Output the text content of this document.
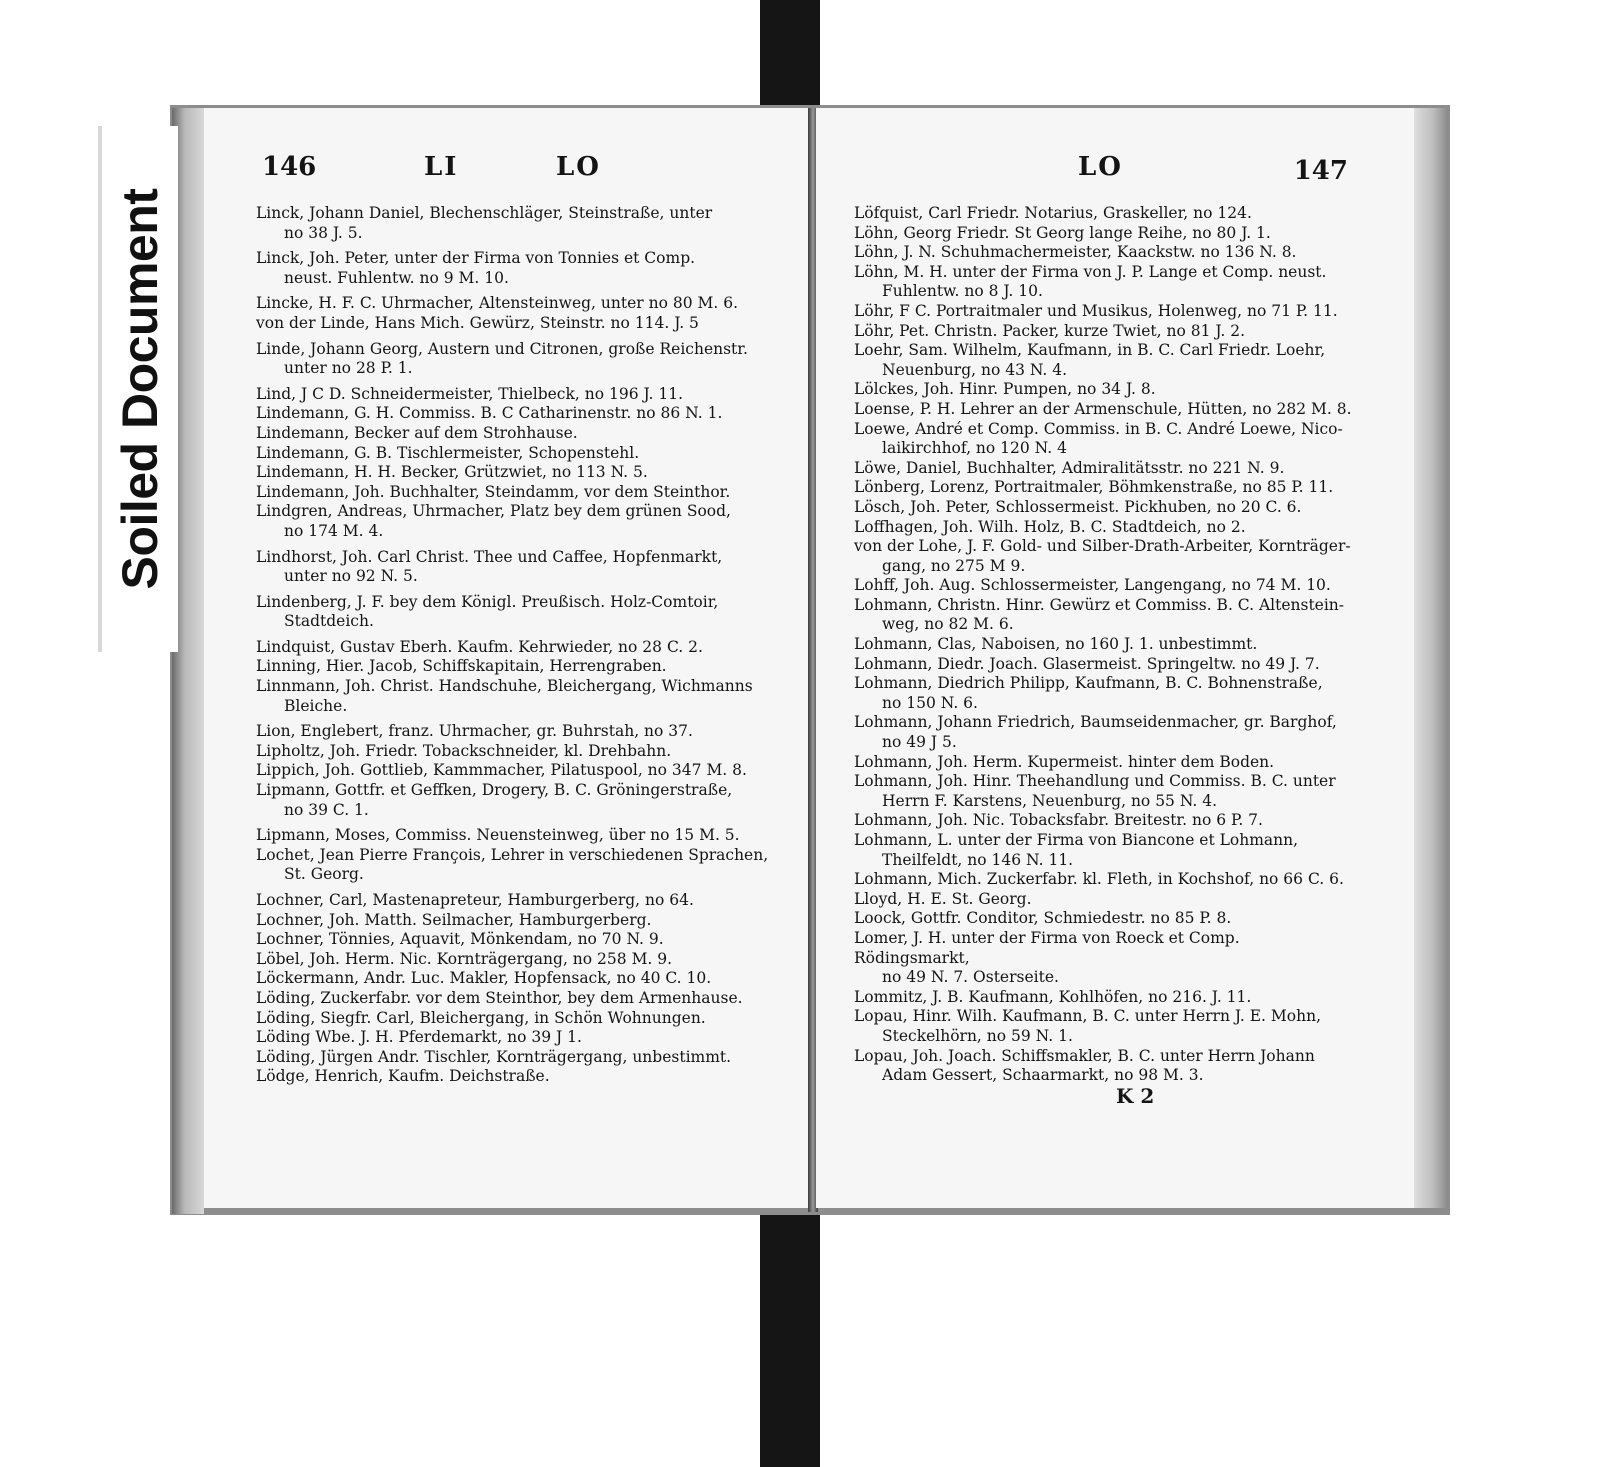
146	LI	LO

Linck, Johann Daniel, Blechenschläger, Steinstraße, unter
no 38 J. 5.

Linck, Joh. Peter, unter der Firma von Tonnies et Comp.
neust. Fuhlentw. no 9 M. 10.

Lincke, H. F. C. Uhrmacher, Altensteinweg, unter no 80 M. 6.

von der Linde, Hans Mich. Gewürz, Steinstr. no 114. J. 5

Linde, Johann Georg, Austern und Citronen, große Reichenstr.
unter no 28 P. 1.

Lind, J C D. Schneidermeister, Thielbeck, no 196 J. 11.

Lindemann, G. H. Commiss. B. C Catharinenstr. no 86 N. 1.

Lindemann, Becker auf dem Strohhause.

Lindemann, G. B. Tischlermeister, Schopenstehl.

Lindemann, H. H. Becker, Grützwiet, no 113 N. 5.

Lindemann, Joh. Buchhalter, Steindamm, vor dem Steinthor.

Lindgren, Andreas, Uhrmacher, Platz bey dem grünen Sood,
no 174 M. 4.

Lindhorst, Joh. Carl Christ. Thee und Caffee, Hopfenmarkt,
unter no 92 N. 5.

Lindenberg, J. F. bey dem Königl. Preußisch. Holz-Comtoir,
Stadtdeich.

Lindquist, Gustav Eberh. Kaufm. Kehrwieder, no 28 C. 2.

Linning, Hier. Jacob, Schiffskapitain, Herrengraben.

Linnmann, Joh. Christ. Handschuhe, Bleichergang, Wichmanns
Bleiche.

Lion, Englebert, franz. Uhrmacher, gr. Buhrstah, no 37.

Lipholtz, Joh. Friedr. Tobackschneider, kl. Drehbahn.

Lippich, Joh. Gottlieb, Kammmacher, Pilatuspool, no 347 M. 8.

Lipmann, Gottfr. et Geffken, Drogery, B. C. Gröningerstraße,
no 39 C. 1.

Lipmann, Moses, Commiss. Neuensteinweg, über no 15 M. 5.

Lochet, Jean Pierre François, Lehrer in verschiedenen Sprachen,
St. Georg.

Lochner, Carl, Mastenapreteur, Hamburgerberg, no 64.

Lochner, Joh. Matth. Seilmacher, Hamburgerberg.

Lochner, Tönnies, Aquavit, Mönkendam, no 70 N. 9.

Löbel, Joh. Herm. Nic. Kornträgergang, no 258 M. 9.

Löckermann, Andr. Luc. Makler, Hopfensack, no 40 C. 10.

Löding, Zuckerfabr. vor dem Steinthor, bey dem Armenhause.

Löding, Siegfr. Carl, Bleichergang, in Schön Wohnungen.

Löding Wbe. J. H. Pferdemarkt, no 39 J 1.

Löding, Jürgen Andr. Tischler, Kornträgergang, unbestimmt.

Lödge, Henrich, Kaufm. Deichstraße.

LO	147

Löfquist, Carl Friedr. Notarius, Graskeller, no 124.

Löhn, Georg Friedr. St Georg lange Reihe, no 80 J. 1.

Löhn, J. N. Schuhmachermeister, Kaackstw. no 136 N. 8.

Löhn, M. H. unter der Firma von J. P. Lange et Comp. neust.
Fuhlentw. no 8 J. 10.

Löhr, F C. Portraitmaler und Musikus, Holenweg, no 71 P. 11.

Löhr, Pet. Christn. Packer, kurze Twiet, no 81 J. 2.

Loehr, Sam. Wilhelm, Kaufmann, in B. C. Carl Friedr. Loehr,
Neuenburg, no 43 N. 4.

Lölckes, Joh. Hinr. Pumpen, no 34 J. 8.

Loense, P. H. Lehrer an der Armenschule, Hütten, no 282 M. 8.

Loewe, André et Comp. Commiss. in B. C. André Loewe, Nico-
laikirchhof, no 120 N. 4

Löwe, Daniel, Buchhalter, Admiralitätsstr. no 221 N. 9.

Lönberg, Lorenz, Portraitmaler, Böhmkenstraße, no 85 P. 11.

Lösch, Joh. Peter, Schlossermeist. Pickhuben, no 20 C. 6.

Loffhagen, Joh. Wilh. Holz, B. C. Stadtdeich, no 2.

von der Lohe, J. F. Gold- und Silber-Drath-Arbeiter, Kornträger-
gang, no 275 M 9.

Lohff, Joh. Aug. Schlossermeister, Langengang, no 74 M. 10.

Lohmann, Christn. Hinr. Gewürz et Commiss. B. C. Altenstein-
weg, no 82 M. 6.

Lohmann, Clas, Naboisen, no 160 J. 1. unbestimmt.

Lohmann, Diedr. Joach. Glasermeist. Springeltw. no 49 J. 7.

Lohmann, Diedrich Philipp, Kaufmann, B. C. Bohnenstraße,
no 150 N. 6.

Lohmann, Johann Friedrich, Baumseidenmacher, gr. Barghof,
no 49 J 5.

Lohmann, Joh. Herm. Kupermeist. hinter dem Boden.

Lohmann, Joh. Hinr. Theehandlung und Commiss. B. C. unter
Herrn F. Karstens, Neuenburg, no 55 N. 4.

Lohmann, Joh. Nic. Tobacksfabr. Breitestr. no 6 P. 7.

Lohmann, L. unter der Firma von Biancone et Lohmann,
Theilfeldt, no 146 N. 11.

Lohmann, Mich. Zuckerfabr. kl. Fleth, in Kochshof, no 66 C. 6.

Lloyd, H. E. St. Georg.

Loock, Gottfr. Conditor, Schmiedestr. no 85 P. 8.

Lomer, J. H. unter der Firma von Roeck et Comp. Rödingsmarkt,
no 49 N. 7. Osterseite.

Lommitz, J. B. Kaufmann, Kohlhöfen, no 216. J. 11.

Lopau, Hinr. Wilh. Kaufmann, B. C. unter Herrn J. E. Mohn,
Steckelhörn, no 59 N. 1.

Lopau, Joh. Joach. Schiffsmakler, B. C. unter Herrn Johann
Adam Gessert, Schaarmarkt, no 98 M. 3.

K 2
Soiled Document
